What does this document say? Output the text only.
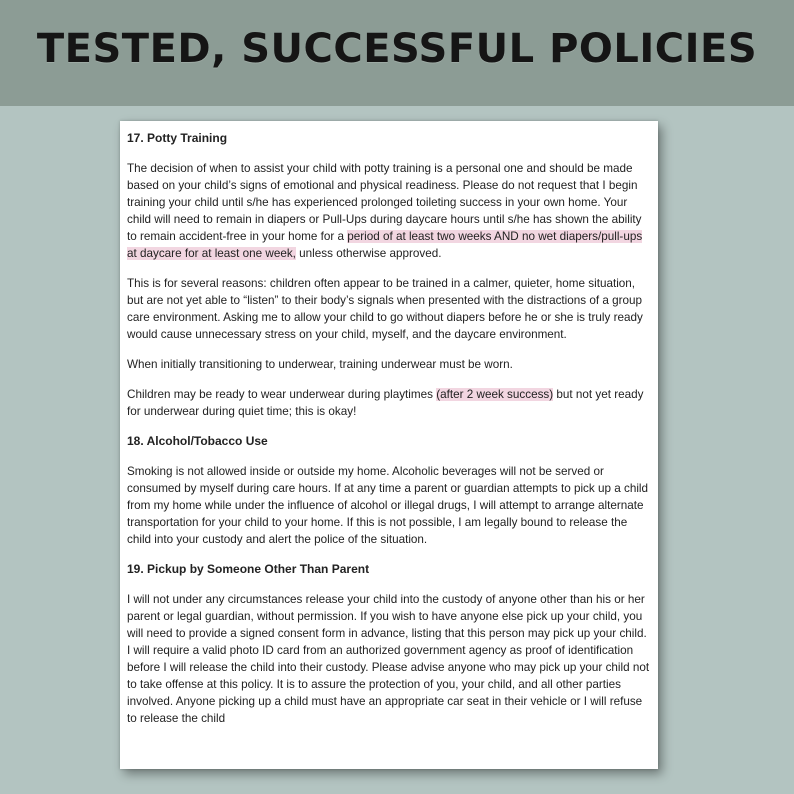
TESTED, SUCCESSFUL POLICIES
17. Potty Training

The decision of when to assist your child with potty training is a personal one and should be made based on your child’s signs of emotional and physical readiness. Please do not request that I begin training your child until s/he has experienced prolonged toileting success in your own home. Your child will need to remain in diapers or Pull-Ups during daycare hours until s/he has shown the ability to remain accident-free in your home for a period of at least two weeks AND no wet diapers/pull-ups at daycare for at least one week, unless otherwise approved.

This is for several reasons: children often appear to be trained in a calmer, quieter, home situation, but are not yet able to “listen” to their body’s signals when presented with the distractions of a group care environment. Asking me to allow your child to go without diapers before he or she is truly ready would cause unnecessary stress on your child, myself, and the daycare environment.

When initially transitioning to underwear, training underwear must be worn.

Children may be ready to wear underwear during playtimes (after 2 week success) but not yet ready for underwear during quiet time; this is okay!

18. Alcohol/Tobacco Use

Smoking is not allowed inside or outside my home. Alcoholic beverages will not be served or consumed by myself during care hours. If at any time a parent or guardian attempts to pick up a child from my home while under the influence of alcohol or illegal drugs, I will attempt to arrange alternate transportation for your child to your home. If this is not possible, I am legally bound to release the child into your custody and alert the police of the situation.

19. Pickup by Someone Other Than Parent

I will not under any circumstances release your child into the custody of anyone other than his or her parent or legal guardian, without permission. If you wish to have anyone else pick up your child, you will need to provide a signed consent form in advance, listing that this person may pick up your child. I will require a valid photo ID card from an authorized government agency as proof of identification before I will release the child into their custody. Please advise anyone who may pick up your child not to take offense at this policy. It is to assure the protection of you, your child, and all other parties involved. Anyone picking up a child must have an appropriate car seat in their vehicle or I will refuse to release the child
